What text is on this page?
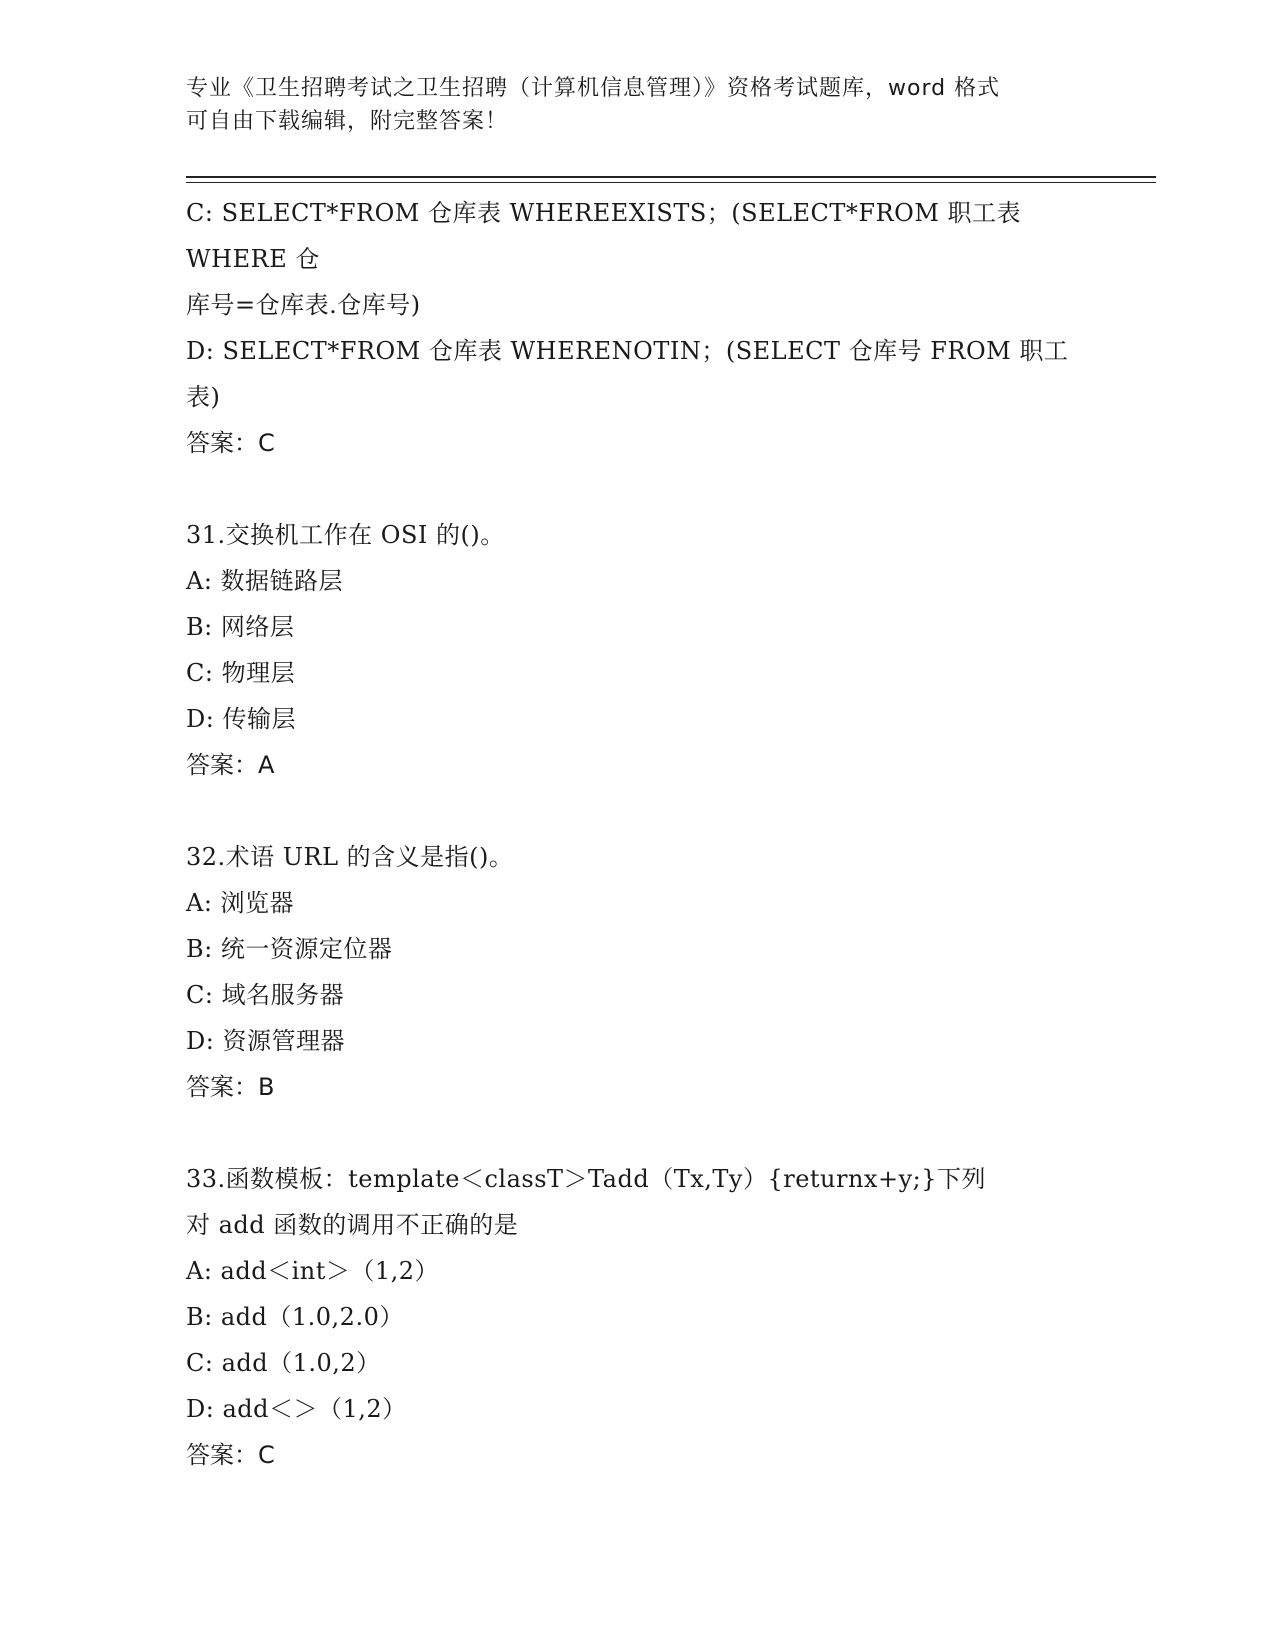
专业《卫生招聘考试之卫生招聘（计算机信息管理）》资格考试题库，word 格式
可自由下载编辑，附完整答案！
C: SELECT*FROM 仓库表 WHEREEXISTS；(SELECT*FROM 职工表 WHERE 仓
库号=仓库表.仓库号)
D: SELECT*FROM 仓库表 WHERENOTIN；(SELECT 仓库号 FROM 职工表)
答案：C
31.交换机工作在 OSI 的()。
A: 数据链路层
B: 网络层
C: 物理层
D: 传输层
答案：A
32.术语 URL 的含义是指()。
A: 浏览器
B: 统一资源定位器
C: 域名服务器
D: 资源管理器
答案：B
33.函数模板：template＜classT＞Tadd（Tx,Ty）{returnx+y;}下列
对 add 函数的调用不正确的是
A: add＜int＞（1,2）
B: add（1.0,2.0）
C: add（1.0,2）
D: add＜＞（1,2）
答案：C
